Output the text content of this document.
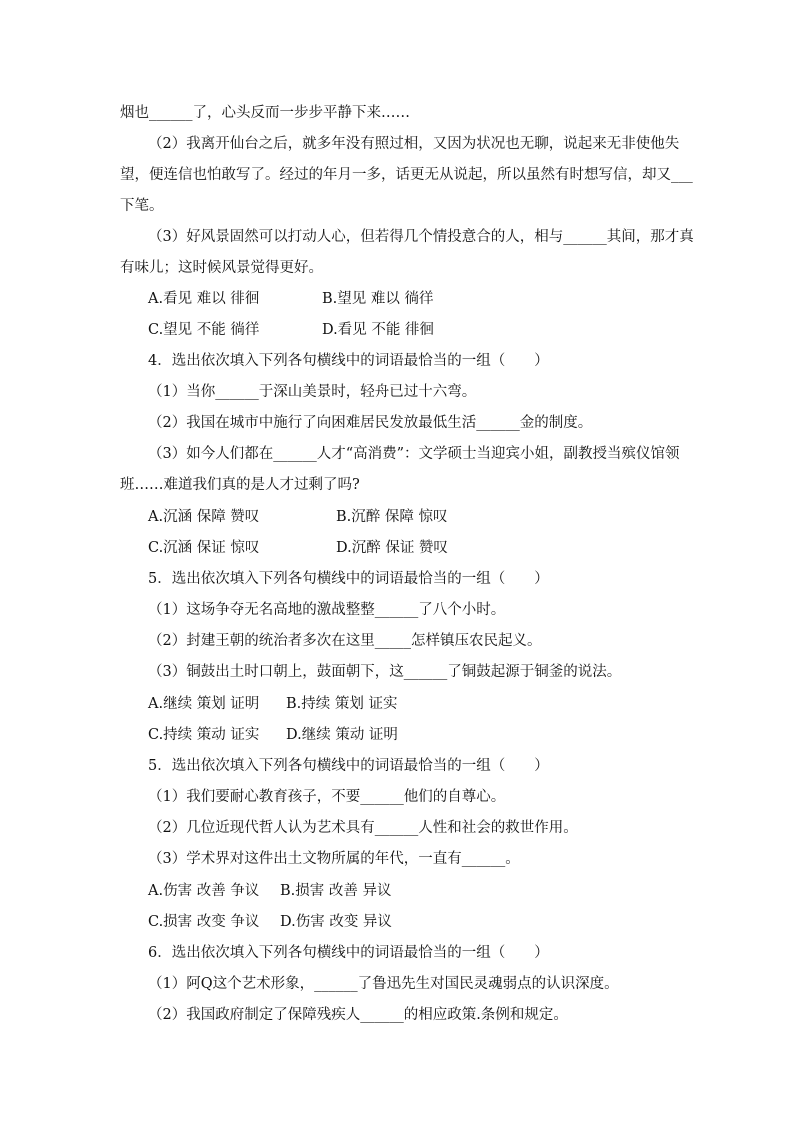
烟也______了，心头反而一步步平静下来……
（2）我离开仙台之后，就多年没有照过相，又因为状况也无聊，说起来无非使他失
望，便连信也怕敢写了。经过的年月一多，话更无从说起，所以虽然有时想写信，却又___
下笔。
（3）好风景固然可以打动人心，但若得几个情投意合的人，相与______其间，那才真
有味儿；这时候风景觉得更好。
A.看见 难以 徘徊	B.望见 难以 徜徉
C.望见 不能 徜徉	D.看见 不能 徘徊
4．选出依次填入下列各句横线中的词语最恰当的一组（　　）
（1）当你______于深山美景时，轻舟已过十六弯。
（2）我国在城市中施行了向困难居民发放最低生活______金的制度。
（3）如今人们都在______人才“高消费”：文学硕士当迎宾小姐，副教授当殡仪馆领
班……难道我们真的是人才过剩了吗?
A.沉涵 保障 赞叹	B.沉醉 保障 惊叹
C.沉涵 保证 惊叹	D.沉醉 保证 赞叹
5．选出依次填入下列各句横线中的词语最恰当的一组（　　）
（1）这场争夺无名高地的激战整整______了八个小时。
（2）封建王朝的统治者多次在这里_____怎样镇压农民起义。
（3）铜鼓出土时口朝上，鼓面朝下，这______了铜鼓起源于铜釜的说法。
A.继续 策划 证明 B.持续 策划 证实
C.持续 策动 证实 D.继续 策动 证明
5．选出依次填入下列各句横线中的词语最恰当的一组（　　）
（1）我们要耐心教育孩子，不要______他们的自尊心。
（2）几位近现代哲人认为艺术具有______人性和社会的救世作用。
（3）学术界对这件出土文物所属的年代，一直有______。
A.伤害 改善 争议 B.损害 改善 异议
C.损害 改变 争议 D.伤害 改变 异议
6．选出依次填入下列各句横线中的词语最恰当的一组（　　）
（1）阿Q这个艺术形象，______了鲁迅先生对国民灵魂弱点的认识深度。
（2）我国政府制定了保障残疾人______的相应政策.条例和规定。
